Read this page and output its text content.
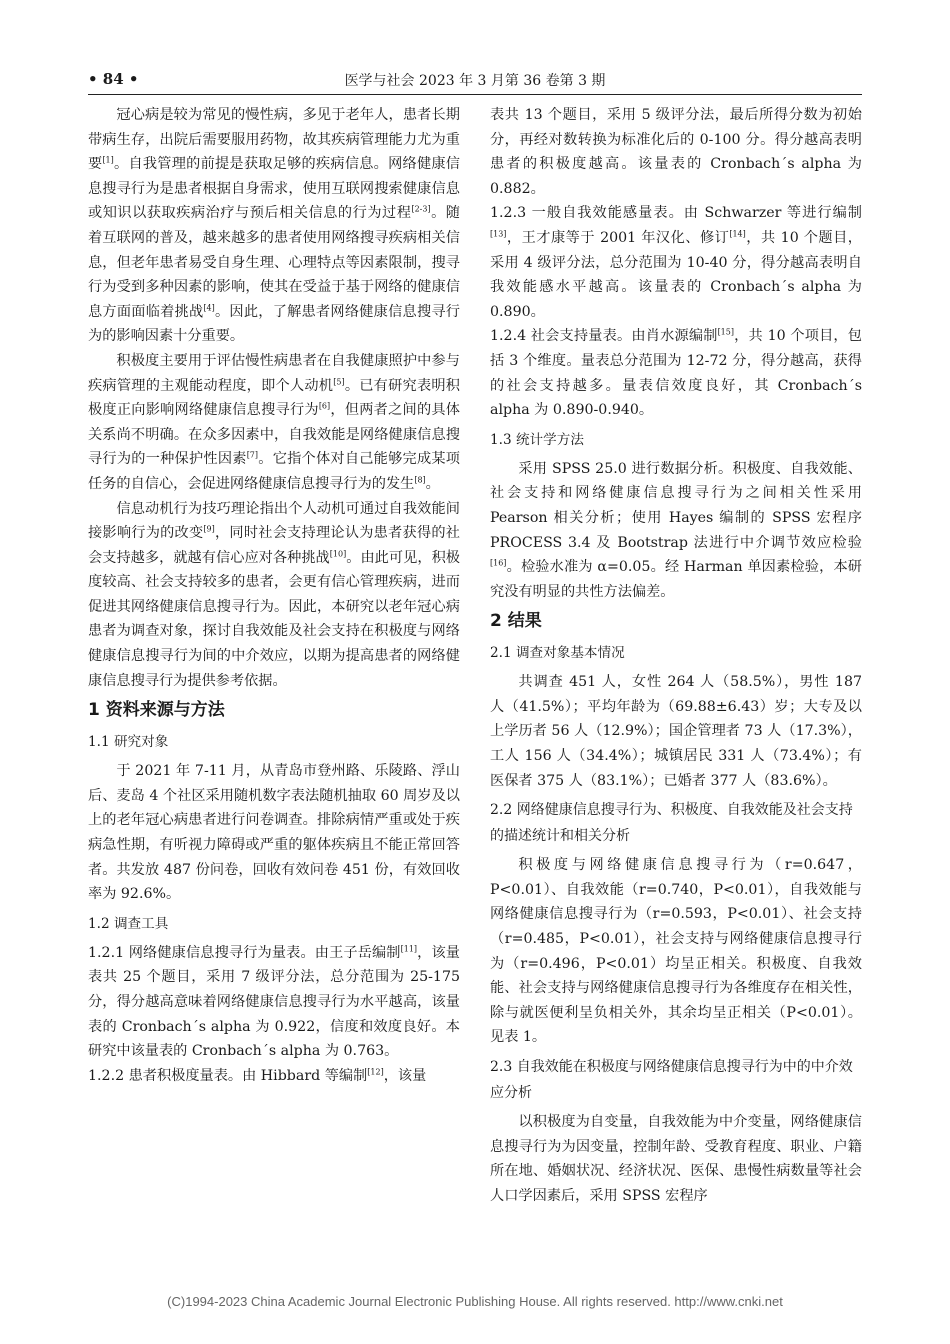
• 84 •	医学与社会 2023 年 3 月第 36 卷第 3 期

冠心病是较为常见的慢性病，多见于老年人，患者长期带病生存，出院后需要服用药物，故其疾病管理能力尤为重要[1]。自我管理的前提是获取足够的疾病信息。网络健康信息搜寻行为是患者根据自身需求，使用互联网搜索健康信息或知识以获取疾病治疗与预后相关信息的行为过程[2-3]。随着互联网的普及，越来越多的患者使用网络搜寻疾病相关信息，但老年患者易受自身生理、心理特点等因素限制，搜寻行为受到多种因素的影响，使其在受益于基于网络的健康信息方面面临着挑战[4]。因此，了解患者网络健康信息搜寻行为的影响因素十分重要。

积极度主要用于评估慢性病患者在自我健康照护中参与疾病管理的主观能动程度，即个人动机[5]。已有研究表明积极度正向影响网络健康信息搜寻行为[6]，但两者之间的具体关系尚不明确。在众多因素中，自我效能是网络健康信息搜寻行为的一种保护性因素[7]。它指个体对自己能够完成某项任务的自信心，会促进网络健康信息搜寻行为的发生[8]。

信息动机行为技巧理论指出个人动机可通过自我效能间接影响行为的改变[9]，同时社会支持理论认为患者获得的社会支持越多，就越有信心应对各种挑战[10]。由此可见，积极度较高、社会支持较多的患者，会更有信心管理疾病，进而促进其网络健康信息搜寻行为。因此，本研究以老年冠心病患者为调查对象，探讨自我效能及社会支持在积极度与网络健康信息搜寻行为间的中介效应，以期为提高患者的网络健康信息搜寻行为提供参考依据。

1 资料来源与方法
1.1 研究对象

于 2021 年 7-11 月，从青岛市登州路、乐陵路、浮山后、麦岛 4 个社区采用随机数字表法随机抽取 60 周岁及以上的老年冠心病患者进行问卷调查。排除病情严重或处于疾病急性期，有听视力障碍或严重的躯体疾病且不能正常回答者。共发放 487 份问卷，回收有效问卷 451 份，有效回收率为 92.6%。

1.2 调查工具

1.2.1 网络健康信息搜寻行为量表。由王子岳编制[11]，该量表共 25 个题目，采用 7 级评分法，总分范围为 25-175 分，得分越高意味着网络健康信息搜寻行为水平越高，该量表的 Cronbach´s alpha 为 0.922，信度和效度良好。本研究中该量表的 Cronbach´s alpha 为 0.763。

1.2.2 患者积极度量表。由 Hibbard 等编制[12]，该量

表共 13 个题目，采用 5 级评分法，最后所得分数为初始分，再经对数转换为标准化后的 0-100 分。得分越高表明患者的积极度越高。该量表的 Cronbach´s alpha 为 0.882。

1.2.3 一般自我效能感量表。由 Schwarzer 等进行编制[13]，王才康等于 2001 年汉化、修订[14]，共 10 个题目，采用 4 级评分法，总分范围为 10-40 分，得分越高表明自我效能感水平越高。该量表的 Cronbach´s alpha 为 0.890。

1.2.4 社会支持量表。由肖水源编制[15]，共 10 个项目，包括 3 个维度。量表总分范围为 12-72 分，得分越高，获得的社会支持越多。量表信效度良好，其 Cronbach´s alpha 为 0.890-0.940。

1.3 统计学方法

采用 SPSS 25.0 进行数据分析。积极度、自我效能、社会支持和网络健康信息搜寻行为之间相关性采用 Pearson 相关分析；使用 Hayes 编制的 SPSS 宏程序 PROCESS 3.4 及 Bootstrap 法进行中介调节效应检验[16]。检验水准为 α=0.05。经 Harman 单因素检验，本研究没有明显的共性方法偏差。

2 结果
2.1 调查对象基本情况

共调查 451 人，女性 264 人（58.5%），男性 187 人（41.5%）；平均年龄为（69.88±6.43）岁；大专及以上学历者 56 人（12.9%）；国企管理者 73 人（17.3%），工人 156 人（34.4%）；城镇居民 331 人（73.4%）；有医保者 375 人（83.1%）；已婚者 377 人（83.6%）。

2.2 网络健康信息搜寻行为、积极度、自我效能及社会支持的描述统计和相关分析

积极度与网络健康信息搜寻行为（r=0.647，P<0.01）、自我效能（r=0.740，P<0.01），自我效能与网络健康信息搜寻行为（r=0.593，P<0.01）、社会支持（r=0.485，P<0.01），社会支持与网络健康信息搜寻行为（r=0.496，P<0.01）均呈正相关。积极度、自我效能、社会支持与网络健康信息搜寻行为各维度存在相关性，除与就医便利呈负相关外，其余均呈正相关（P<0.01）。见表 1。

2.3 自我效能在积极度与网络健康信息搜寻行为中的中介效应分析

以积极度为自变量，自我效能为中介变量，网络健康信息搜寻行为为因变量，控制年龄、受教育程度、职业、户籍所在地、婚姻状况、经济状况、医保、患慢性病数量等社会人口学因素后，采用 SPSS 宏程序

(C)1994-2023 China Academic Journal Electronic Publishing House. All rights reserved. http://www.cnki.net
